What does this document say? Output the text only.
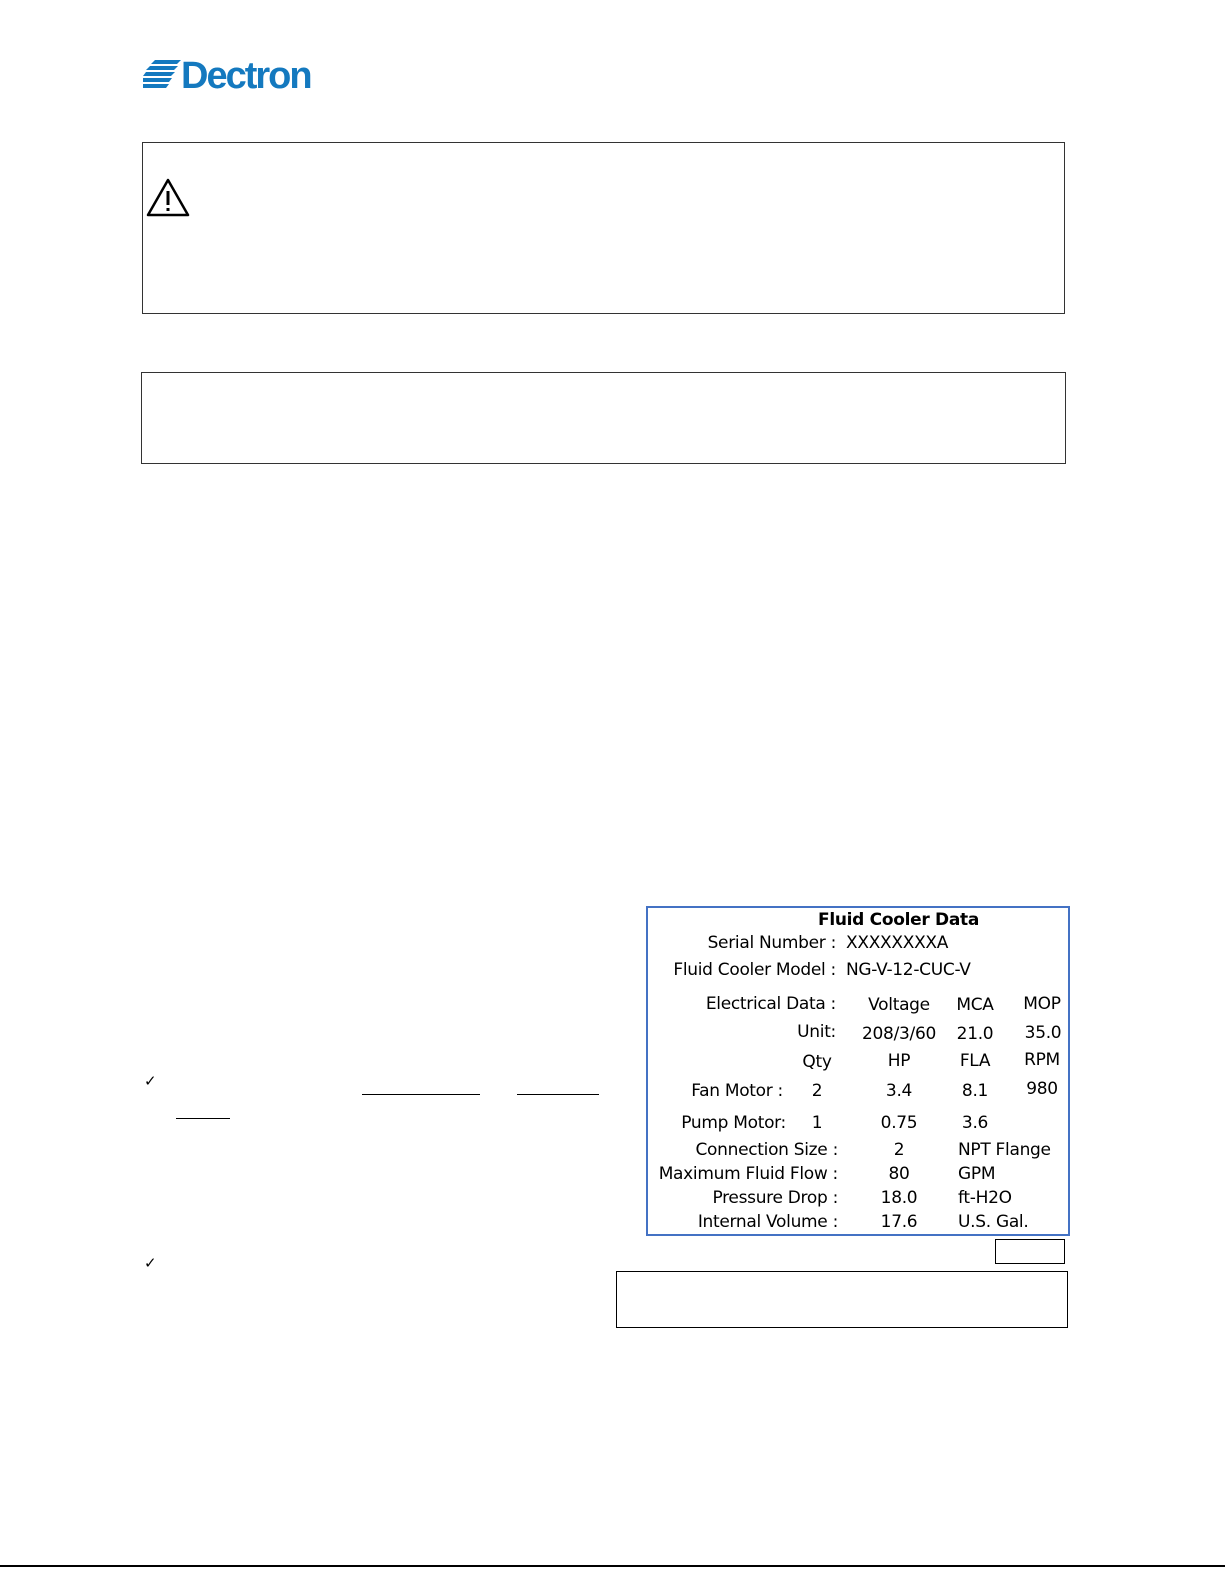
Dectron
✓
✓
Fluid Cooler Data
Serial Number : XXXXXXXXA
Fluid Cooler Model : NG-V-12-CUC-V
Electrical Data : Voltage MCA MOP
Unit: 208/3/60 21.0 35.0
Qty	HP	FLA RPM
Fan Motor : 2	3.4	8.1 980
Pump Motor: 1	0.75	3.6
Connection Size :	2	NPT Flange
Maximum Fluid Flow :	80	GPM
Pressure Drop :	18.0 ft-H2O
Internal Volume :	17.6 U.S. Gal.
